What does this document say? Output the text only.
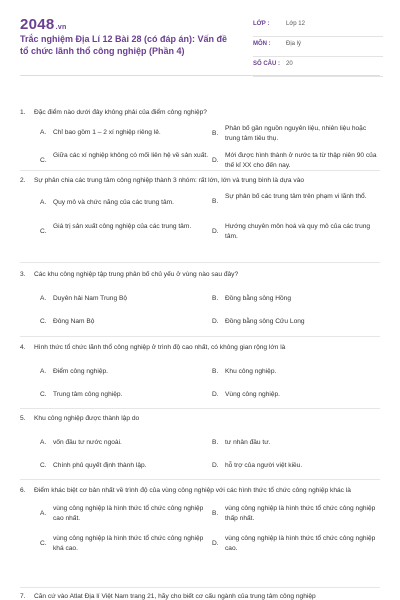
2048.vn
Trắc nghiệm Địa Lí 12 Bài 28 (có đáp án): Vấn đề tổ chức lãnh thổ công nghiệp (Phần 4)
LỚP :	Lớp 12
MÔN :	Địa lý
SỐ CÂU : 20
1. Đặc điểm nào dưới đây không phải của điểm công nghiệp?
A. Chỉ bao gồm 1 – 2 xí nghiệp riêng lẻ.	B.
Phân bố gần nguồn nguyên liệu, nhiên liệu hoặc trung tâm tiêu thụ.
C.
Giữa các xí nghiệp không có mối liên hệ về sản xuất.
D.
Mới được hình thành ở nước ta từ thập niên 90 của thế kỉ XX cho đến nay.
2. Sự phân chia các trung tâm công nghiệp thành 3 nhóm: rất lớn, lớn và trung bình là dựa vào
A. Quy mô và chức năng của các trung tâm.	B.
Sự phân bố các trung tâm trên phạm vi lãnh thổ.
C.
Giá trị sản xuất công nghiệp của các trung tâm.
D.
Hướng chuyên môn hoá và quy mô của các trung tâm.
3. Các khu công nghiệp tập trung phân bố chủ yếu ở vùng nào sau đây?
A. Duyên hải Nam Trung Bộ	B. Đồng bằng sông Hồng
C. Đông Nam Bộ	D. Đồng bằng sông Cửu Long
4. Hình thức tổ chức lãnh thổ công nghiệp ở trình độ cao nhất, có không gian rộng lớn là
A. Điểm công nghiệp.	B. Khu công nghiệp.
C. Trung tâm công nghiệp.	D. Vùng công nghiệp.
5. Khu công nghiệp được thành lập do
A. vốn đầu tư nước ngoài.	B. tư nhân đầu tư.
C. Chính phủ quyết định thành lập.	D. hỗ trợ của người việt kiều.
6. Điểm khác biệt cơ bản nhất về trình độ của vùng công nghiệp với các hình thức tổ chức công nghiệp khác là
A.
vùng công nghiệp là hình thức tổ chức công nghiệp cao nhất.
B.
vùng công nghiệp là hình thức tổ chức công nghiệp thấp nhất.
C.
vùng công nghiệp là hình thức tổ chức công nghiệp khá cao.
D.
vùng công nghiệp là hình thức tổ chức công nghiệp cao.
7. Căn cứ vào Atlat Địa lí Việt Nam trang 21, hãy cho biết cơ cấu ngành của trung tâm công nghiệp
